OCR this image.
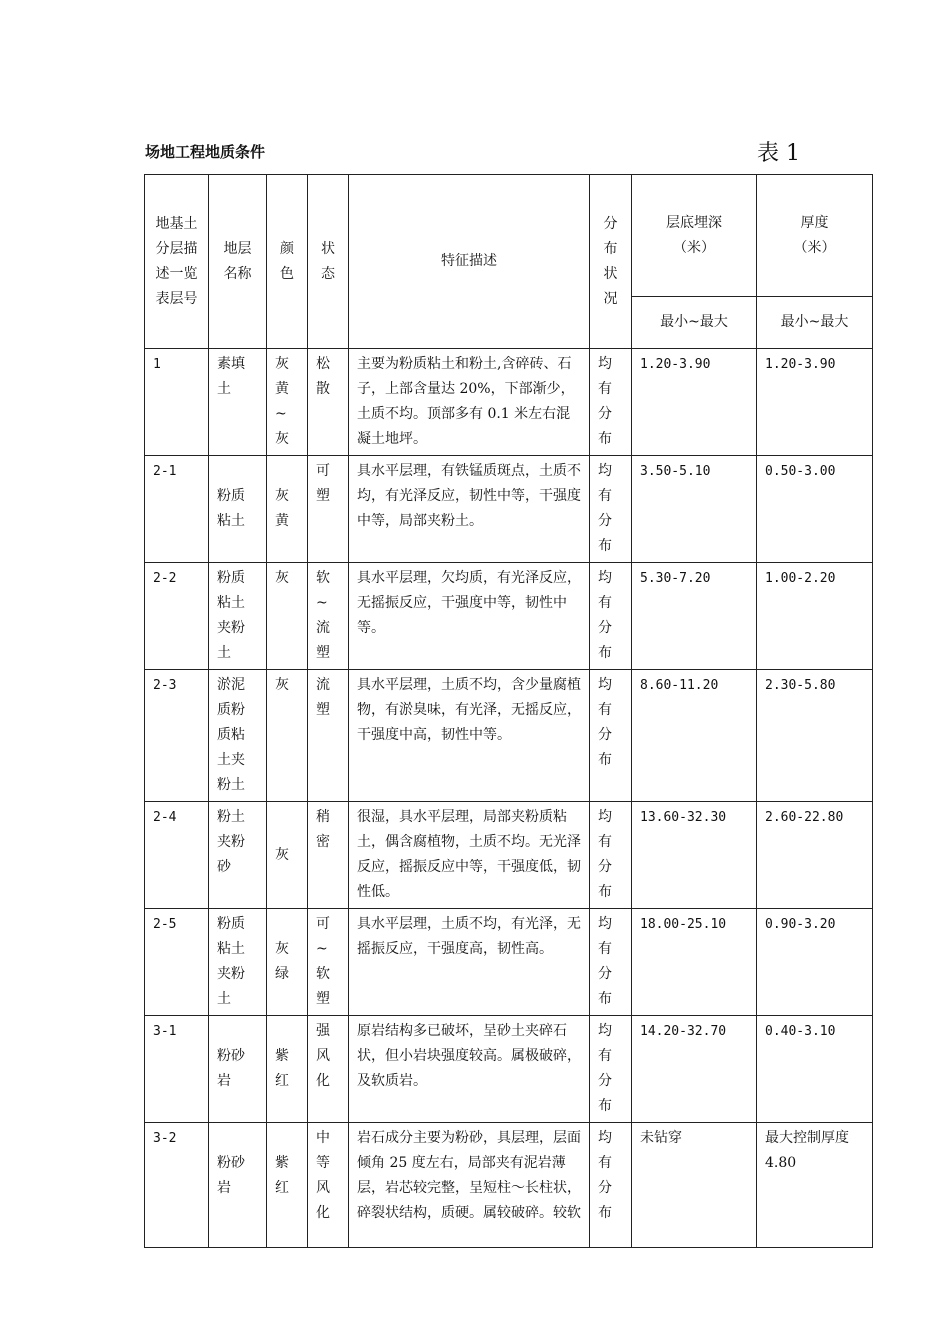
场地工程地质条件	表 1
地基土分层描述一览表层号	地层名称	颜色	状态	特征描述	分布状况	层底埋深（米）	厚度（米）
						最小~最大	最小~最大
1	素填土	灰黄~灰	松散	主要为粉质粘土和粉土,含碎砖、石子，上部含量达 20%，下部渐少，土质不均。顶部多有 0.1 米左右混凝土地坪。	均有分布	1.20-3.90	1.20-3.90
2-1	粉质粘土	灰黄	可塑	具水平层理，有铁锰质斑点，土质不均，有光泽反应，韧性中等，干强度中等，局部夹粉土。	均有分布	3.50-5.10	0.50-3.00
2-2	粉质粘土夹粉土	灰	软~流塑	具水平层理，欠均质，有光泽反应，无摇振反应，干强度中等，韧性中等。	均有分布	5.30-7.20	1.00-2.20
2-3	淤泥质粉质粘土夹粉土	灰	流塑	具水平层理，土质不均，含少量腐植物，有淤臭味，有光泽，无摇反应，干强度中高，韧性中等。	均有分布	8.60-11.20	2.30-5.80
2-4	粉土夹粉砂	灰	稍密	很湿，具水平层理，局部夹粉质粘土，偶含腐植物，土质不均。无光泽反应，摇振反应中等，干强度低，韧性低。	均有分布	13.60-32.30	2.60-22.80
2-5	粉质粘土夹粉土	灰绿	可~软塑	具水平层理，土质不均，有光泽，无摇振反应，干强度高，韧性高。	均有分布	18.00-25.10	0.90-3.20
3-1	粉砂岩	紫红	强风化	原岩结构多已破坏，呈砂土夹碎石状，但小岩块强度较高。属极破碎，及软质岩。	均有分布	14.20-32.70	0.40-3.10
3-2	粉砂岩	紫红	中等风化	岩石成分主要为粉砂，具层理，层面倾角 25 度左右，局部夹有泥岩薄层，岩芯较完整，呈短柱～长柱状，碎裂状结构，质硬。属较破碎。较软	均有分布	未钻穿	最大控制厚度4.80
